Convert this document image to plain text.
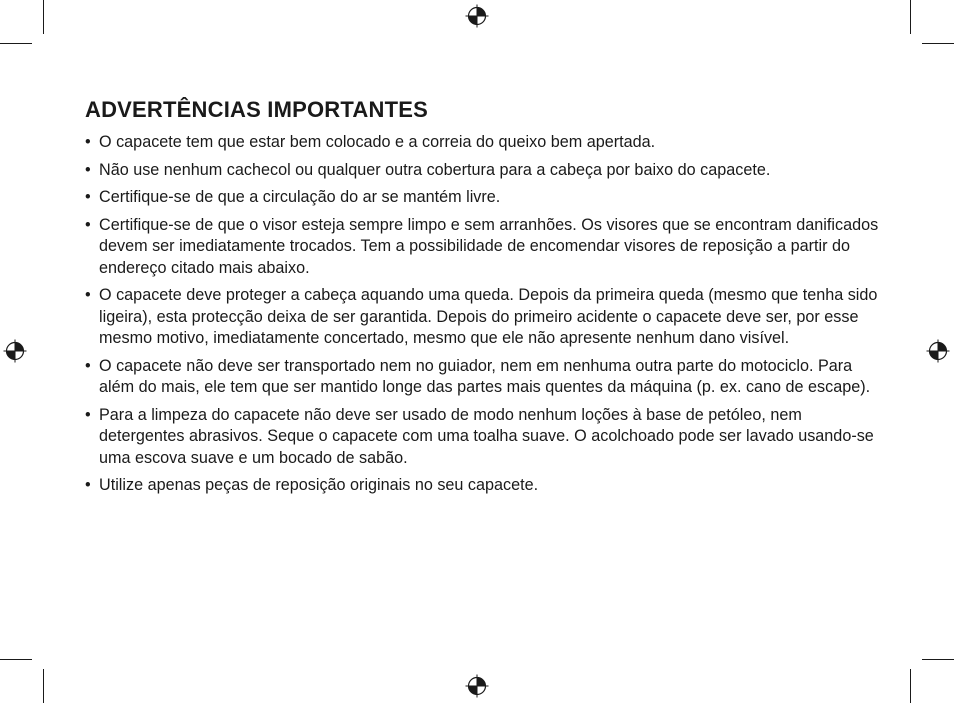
ADVERTÊNCIAS IMPORTANTES
• O capacete tem que estar bem colocado e a correia do queixo bem apertada.
• Não use nenhum cachecol ou qualquer outra cobertura para a cabeça por baixo do capacete.
• Certifique-se de que a circulação do ar se mantém livre.
• Certifique-se de que o visor esteja sempre limpo e sem arranhões. Os visores que se encontram danificados devem ser imediatamente trocados. Tem a possibilidade de encomendar visores de reposição a partir do endereço citado mais abaixo.
• O capacete deve proteger a cabeça aquando uma queda. Depois da primeira queda (mesmo que tenha sido ligeira), esta protecção deixa de ser garantida. Depois do primeiro acidente o capacete deve ser, por esse mesmo motivo, imediatamente concertado, mesmo que ele não apresente nenhum dano visível.
• O capacete não deve ser transportado nem no guiador, nem em nenhuma outra parte do motociclo. Para além do mais, ele tem que ser mantido longe das partes mais quentes da máquina (p. ex. cano de escape).
• Para a limpeza do capacete não deve ser usado de modo nenhum loções à base de petóleo, nem detergentes abrasivos. Seque o capacete com uma toalha suave. O acolchoado pode ser lavado usando-se uma escova suave e um bocado de sabão.
• Utilize apenas peças de reposição originais no seu capacete.
